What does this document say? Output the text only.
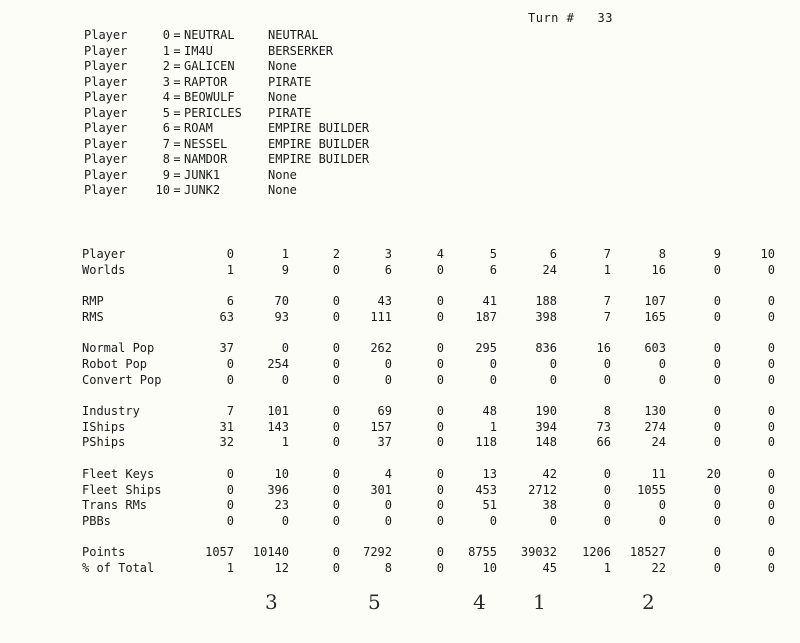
Turn # 33
Player	0 = NEUTRAL	NEUTRAL
Player	1 = IM4U	BERSERKER
Player	2 = GALICEN	None
Player	3 = RAPTOR	PIRATE
Player	4 = BEOWULF	None
Player	5 = PERICLES PIRATE
Player	6 = ROAM	EMPIRE BUILDER
Player	7 = NESSEL	EMPIRE BUILDER
Player	8 = NAMDOR	EMPIRE BUILDER
Player	9 = JUNK1	None
Player 10 = JUNK2	None
Player	0	1	2	3	4	5	6	7	8	9	10
Worlds	1	9	0	6	0	6	24	1	16	0	0
RMP	6	70	0	43	0	41	188	7	107	0	0
RMS	63	93	0	111	0	187	398	7	165	0	0
Normal Pop	37	0	0	262	0	295	836	16	603	0	0
Robot Pop	0	254	0	0	0	0	0	0	0	0	0
Convert Pop	0	0	0	0	0	0	0	0	0	0	0
Industry	7	101	0	69	0	48	190	8	130	0	0
IShips	31	143	0	157	0	1	394	73	274	0	0
PShips	32	1	0	37	0	118	148	66	24	0	0
Fleet Keys	0	10	0	4	0	13	42	0	11	20	0
Fleet Ships	0	396	0	301	0	453	2712	0 1055	0	0
Trans RMs	0	23	0	0	0	51	38	0	0	0	0
PBBs	0	0	0	0	0	0	0	0	0	0	0
Points	1057 10140	0 7292	0 8755 39032 1206 18527	0	0
% of Total	1	12	0	8	0	10	45	1	22	0	0
3	5	4 1	2
